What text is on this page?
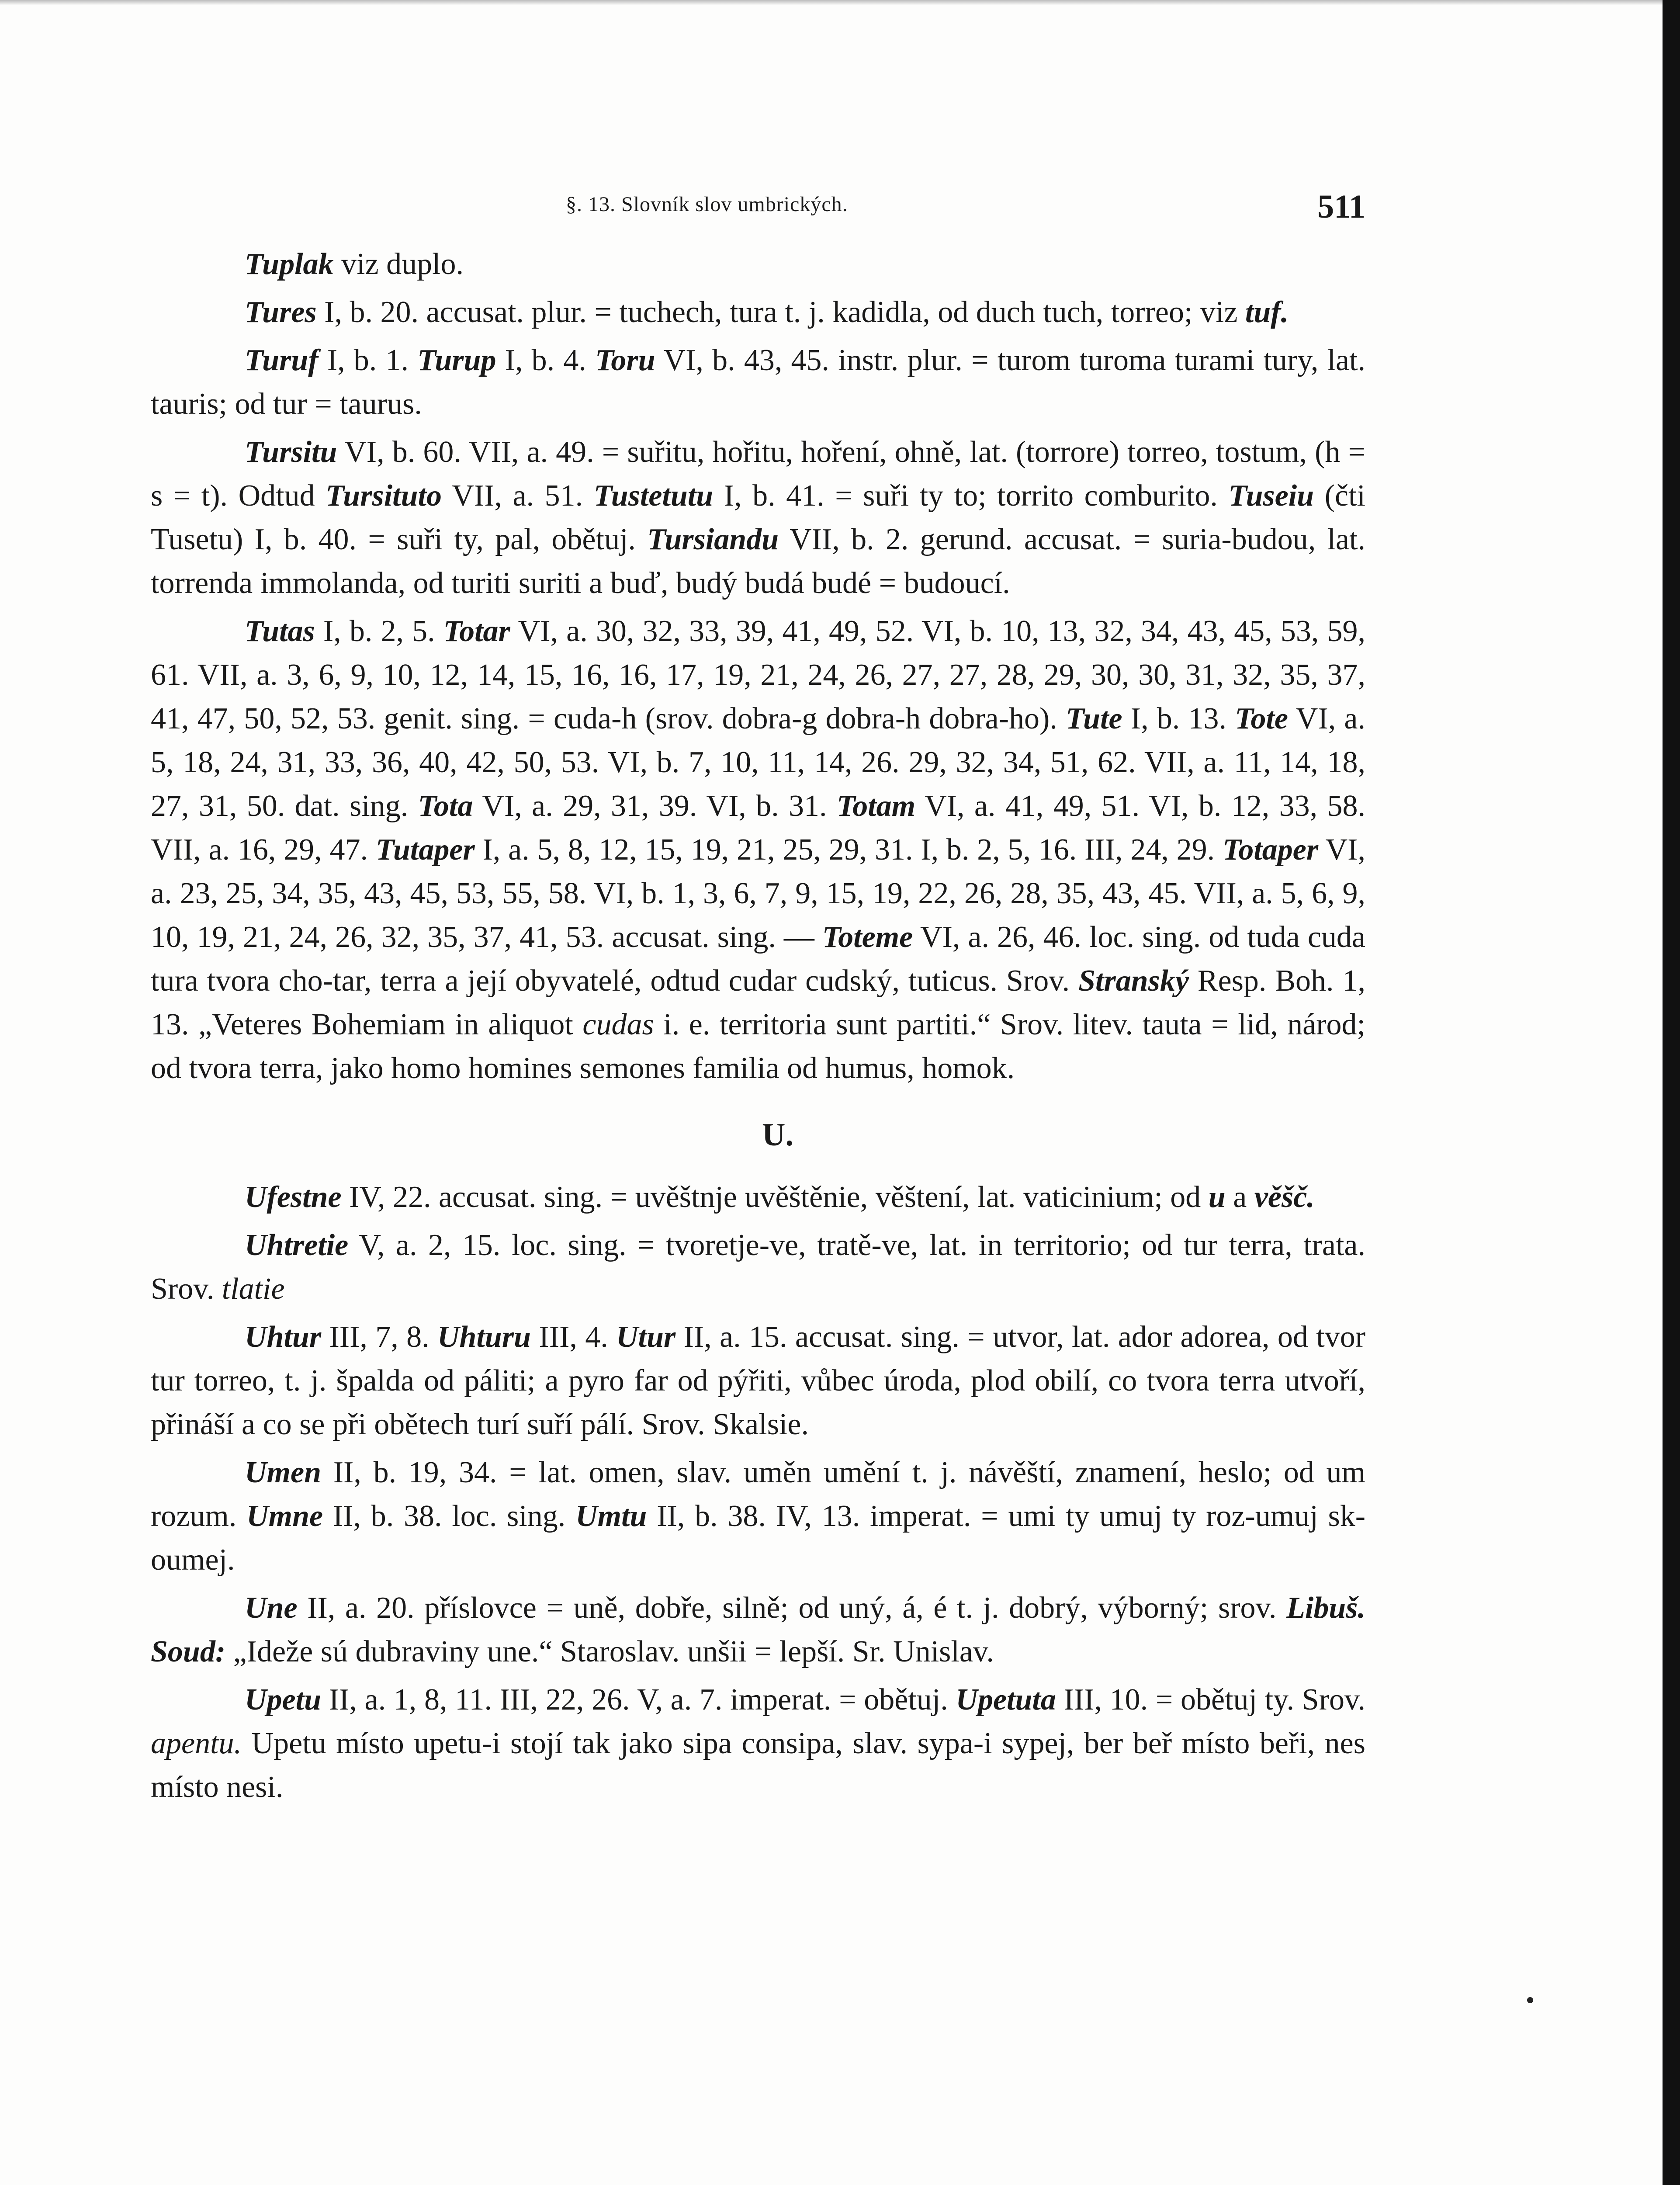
§. 13. Slovník slov umbrických.	511

Tuplak viz duplo.

Tures I, b. 20. accusat. plur. = tuchech, tura t. j. kadidla, od duch tuch, torreo; viz tuf.

Turuf I, b. 1. Turup I, b. 4. Toru VI, b. 43, 45. instr. plur. = turom turoma turami tury, lat. tauris; od tur = taurus.

Tursitu VI, b. 60. VII, a. 49. = suřitu, hořitu, hoření, ohně, lat. (torrore) torreo, tostum, (h = s = t). Odtud Tursituto VII, a. 51. Tustetutu I, b. 41. = suři ty to; torrito comburito. Tuseiu (čti Tusetu) I, b. 40. = suři ty, pal, obětuj. Tursiandu VII, b. 2. gerund. accusat. = suria-budou, lat. torrenda immolanda, od turiti suriti a buď, budý budá budé = budoucí.

Tutas I, b. 2, 5. Totar VI, a. 30, 32, 33, 39, 41, 49, 52. VI, b. 10, 13, 32, 34, 43, 45, 53, 59, 61. VII, a. 3, 6, 9, 10, 12, 14, 15, 16, 16, 17, 19, 21, 24, 26, 27, 27, 28, 29, 30, 30, 31, 32, 35, 37, 41, 47, 50, 52, 53. genit. sing. = cuda-h (srov. dobra-g dobra-h dobra-ho). Tute I, b. 13. Tote VI, a. 5, 18, 24, 31, 33, 36, 40, 42, 50, 53. VI, b. 7, 10, 11, 14, 26. 29, 32, 34, 51, 62. VII, a. 11, 14, 18, 27, 31, 50. dat. sing. Tota VI, a. 29, 31, 39. VI, b. 31. Totam VI, a. 41, 49, 51. VI, b. 12, 33, 58. VII, a. 16, 29, 47. Tutaper I, a. 5, 8, 12, 15, 19, 21, 25, 29, 31. I, b. 2, 5, 16. III, 24, 29. Totaper VI, a. 23, 25, 34, 35, 43, 45, 53, 55, 58. VI, b. 1, 3, 6, 7, 9, 15, 19, 22, 26, 28, 35, 43, 45. VII, a. 5, 6, 9, 10, 19, 21, 24, 26, 32, 35, 37, 41, 53. accusat. sing. — Toteme VI, a. 26, 46. loc. sing. od tuda cuda tura tvora cho-tar, terra a její obyvatelé, odtud cudar cudský, tuticus. Srov. Stranský Resp. Boh. 1, 13. „Veteres Bohemiam in aliquot cudas i. e. territoria sunt partiti.“ Srov. litev. tauta = lid, národ; od tvora terra, jako homo homines semones familia od humus, homok.

U.

Ufestne IV, 22. accusat. sing. = uvěštnje uvěštěnie, věštení, lat. vaticinium; od u a věšč.

Uhtretie V, a. 2, 15. loc. sing. = tvoretje-ve, tratě-ve, lat. in territorio; od tur terra, trata. Srov. tlatie

Uhtur III, 7, 8. Uhturu III, 4. Utur II, a. 15. accusat. sing. = utvor, lat. ador adorea, od tvor tur torreo, t. j. špalda od páliti; a pyro far od pýřiti, vůbec úroda, plod obilí, co tvora terra utvoří, přináší a co se při obětech turí suří pálí. Srov. Skalsie.

Umen II, b. 19, 34. = lat. omen, slav. uměn umění t. j. návěští, znamení, heslo; od um rozum. Umne II, b. 38. loc. sing. Umtu II, b. 38. IV, 13. imperat. = umi ty umuj ty roz-umuj sk-oumej.

Une II, a. 20. příslovce = uně, dobře, silně; od uný, á, é t. j. dobrý, výborný; srov. Libuš. Soud: „Ideže sú dubraviny une.“ Staroslav. unšii = lepší. Sr. Unislav.

Upetu II, a. 1, 8, 11. III, 22, 26. V, a. 7. imperat. = obětuj. Upetuta III, 10. = obětuj ty. Srov. apentu. Upetu místo upetu-i stojí tak jako sipa consipa, slav. sypa-i sypej, ber beř místo beři, nes místo nesi.
